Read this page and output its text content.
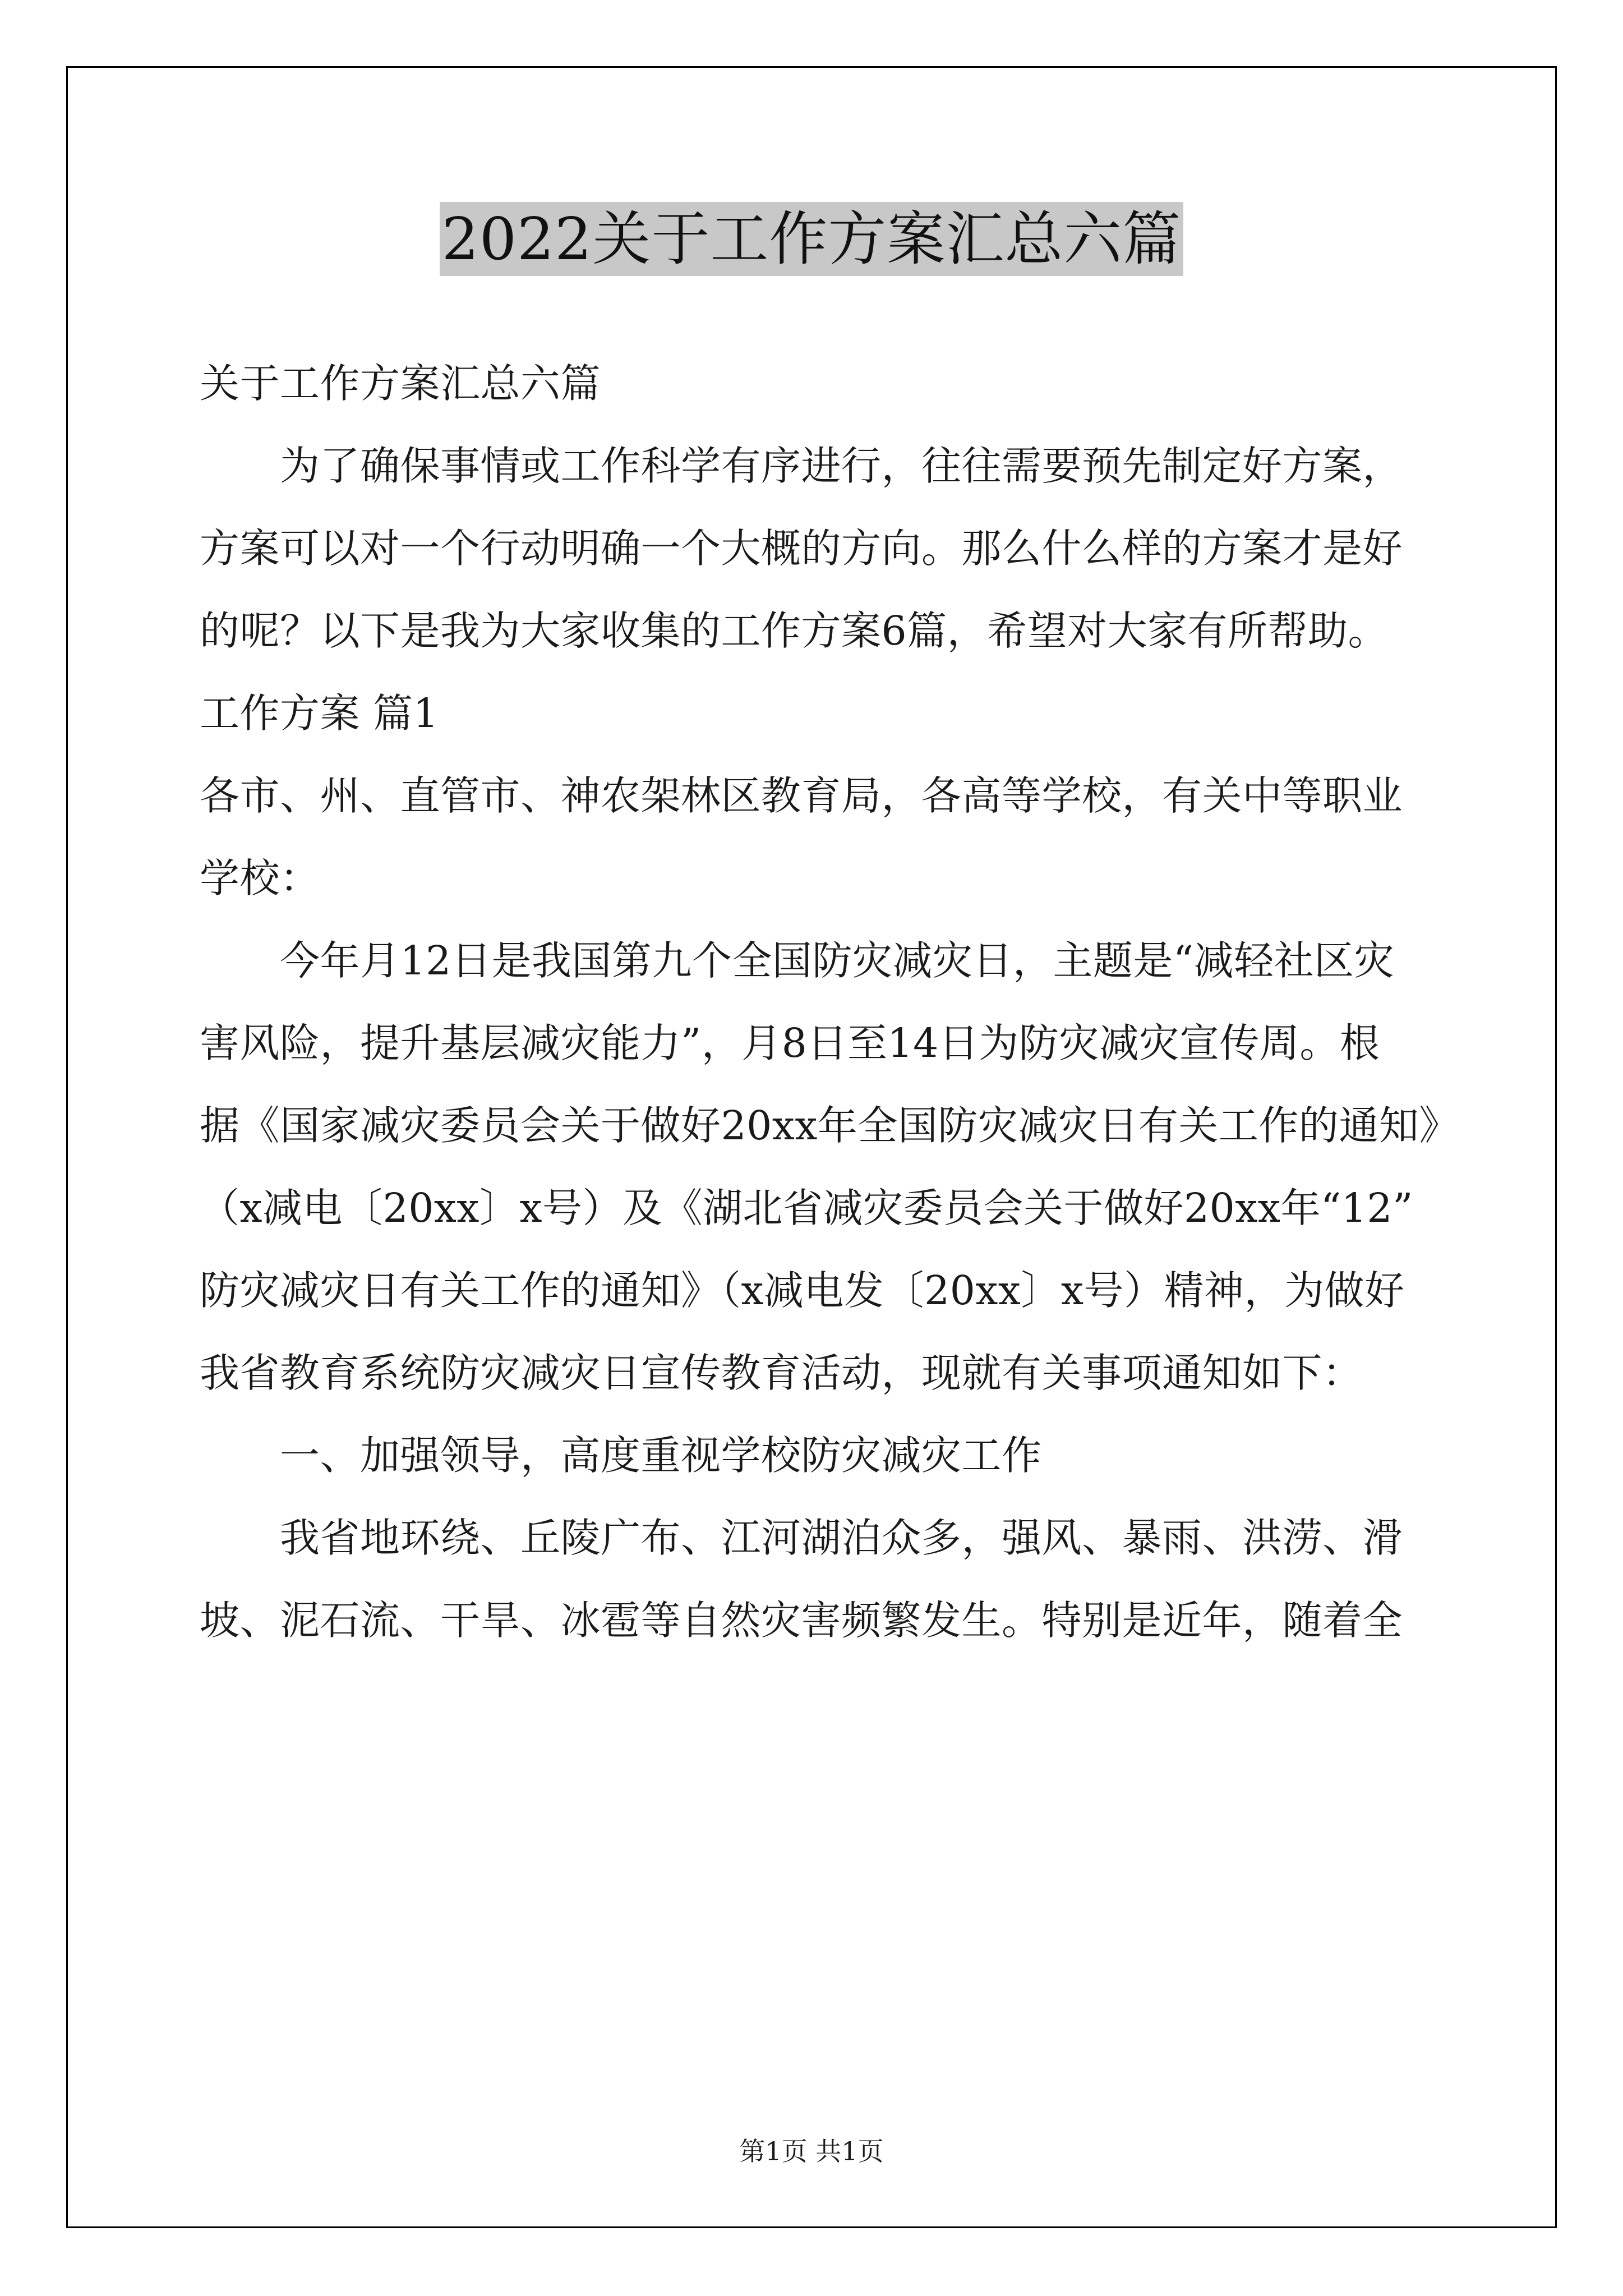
2022关于工作方案汇总六篇
关于工作方案汇总六篇
为了确保事情或工作科学有序进行，往往需要预先制定好方案，
方案可以对一个行动明确一个大概的方向。那么什么样的方案才是好
的呢？以下是我为大家收集的工作方案6篇，希望对大家有所帮助。
工作方案 篇1
各市、州、直管市、神农架林区教育局，各高等学校，有关中等职业
学校：
今年月12日是我国第九个全国防灾减灾日，主题是“减轻社区灾
害风险，提升基层减灾能力”，月8日至14日为防灾减灾宣传周。根
据《国家减灾委员会关于做好20xx年全国防灾减灾日有关工作的通知》
（x减电〔20xx〕x号）及《湖北省减灾委员会关于做好20xx年“12”
防灾减灾日有关工作的通知》（x减电发〔20xx〕x号）精神，为做好
我省教育系统防灾减灾日宣传教育活动，现就有关事项通知如下：
一、加强领导，高度重视学校防灾减灾工作
我省地环绕、丘陵广布、江河湖泊众多，强风、暴雨、洪涝、滑
坡、泥石流、干旱、冰雹等自然灾害频繁发生。特别是近年，随着全
第1页 共1页
